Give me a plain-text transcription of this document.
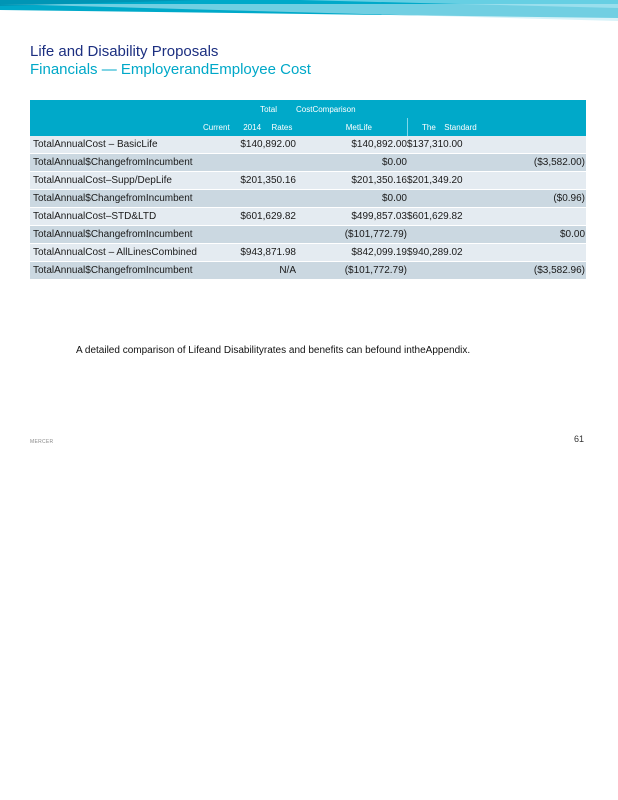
Life and Disability Proposals
Financials — EmployerandEmployee Cost
Total			CostComparison		
	Current 2014 Rates MetLife				The Standard
TotalAnnualCost – BasicLife	$140,892.00		$140,892.00	$137,310.00	
TotalAnnual$ChangefromIncumbent			$0.00	($3,582.00)	
TotalAnnualCost–Supp/DepLife	$201,350.16		$201,350.16	$201,349.20	
TotalAnnual$ChangefromIncumbent			$0.00	($0.96)	
TotalAnnualCost–STD&LTD	$601,629.82		$499,857.03	$601,629.82	
TotalAnnual$ChangefromIncumbent			($101,772.79)	$0.00	
TotalAnnualCost – AllLinesCombined	$943,871.98		$842,099.19	$940,289.02	
TotalAnnual$ChangefromIncumbent	N/A		($101,772.79)	($3,582.96)	
A detailed comparison of Lifeand Disabilityrates and benefits can befound intheAppendix.
MERCER	61
